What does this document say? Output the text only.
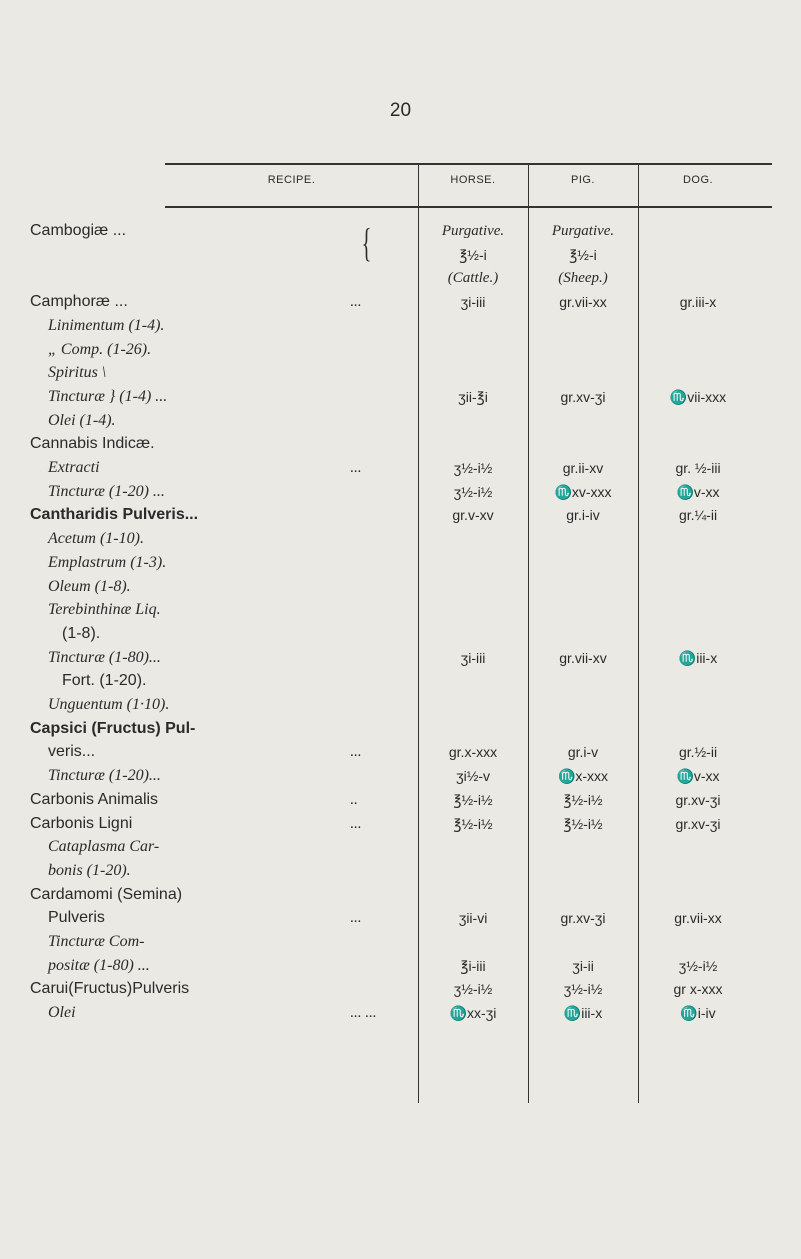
20
RECIPE.	HORSE.	PIG.	DOG.
{
Cambogiæ ...	Purgative.	Purgative.
℥½-i	℥½-i
(Cattle.)	(Sheep.)
Camphoræ ...	...	ʒi-iii	gr.vii-xx	gr.iii-x
Linimentum (1-4).
„ Comp. (1-26).
Spiritus \
Tincturæ } (1-4) ...	ʒii-℥i	gr.xv-ʒi	♏vii-xxx
Olei (1-4).
Cannabis Indicæ.
Extracti	...	ʒ½-i½	gr.ii-xv	gr. ½-iii
Tincturæ (1-20) ...	ʒ½-i½	♏xv-xxx	♏v-xx
Cantharidis Pulveris...	gr.v-xv	gr.i-iv	gr.¼-ii
Acetum (1-10).
Emplastrum (1-3).
Oleum (1-8).
Terebinthinæ Liq.
(1-8).
Tincturæ (1-80)...	ʒi-iii	gr.vii-xv	♏iii-x
Fort. (1-20).
Unguentum (1·10).
Capsici (Fructus) Pul-
veris...	...	gr.x-xxx	gr.i-v	gr.½-ii
Tincturæ (1-20)...	ʒi½-v	♏x-xxx	♏v-xx
Carbonis Animalis	..	℥½-i½	℥½-i½	gr.xv-ʒi
Carbonis Ligni	...	℥½-i½	℥½-i½	gr.xv-ʒi
Cataplasma Car-
bonis (1-20).
Cardamomi (Semina)
Pulveris	...	ʒii-vi	gr.xv-ʒi	gr.vii-xx
Tincturæ Com-
positæ (1-80) ...	℥i-iii	ʒi-ii	ʒ½-i½
Carui(Fructus)Pulveris	ʒ½-i½	ʒ½-i½	gr x-xxx
Olei	... ...	♏xx-ʒi	♏iii-x	♏i-iv
